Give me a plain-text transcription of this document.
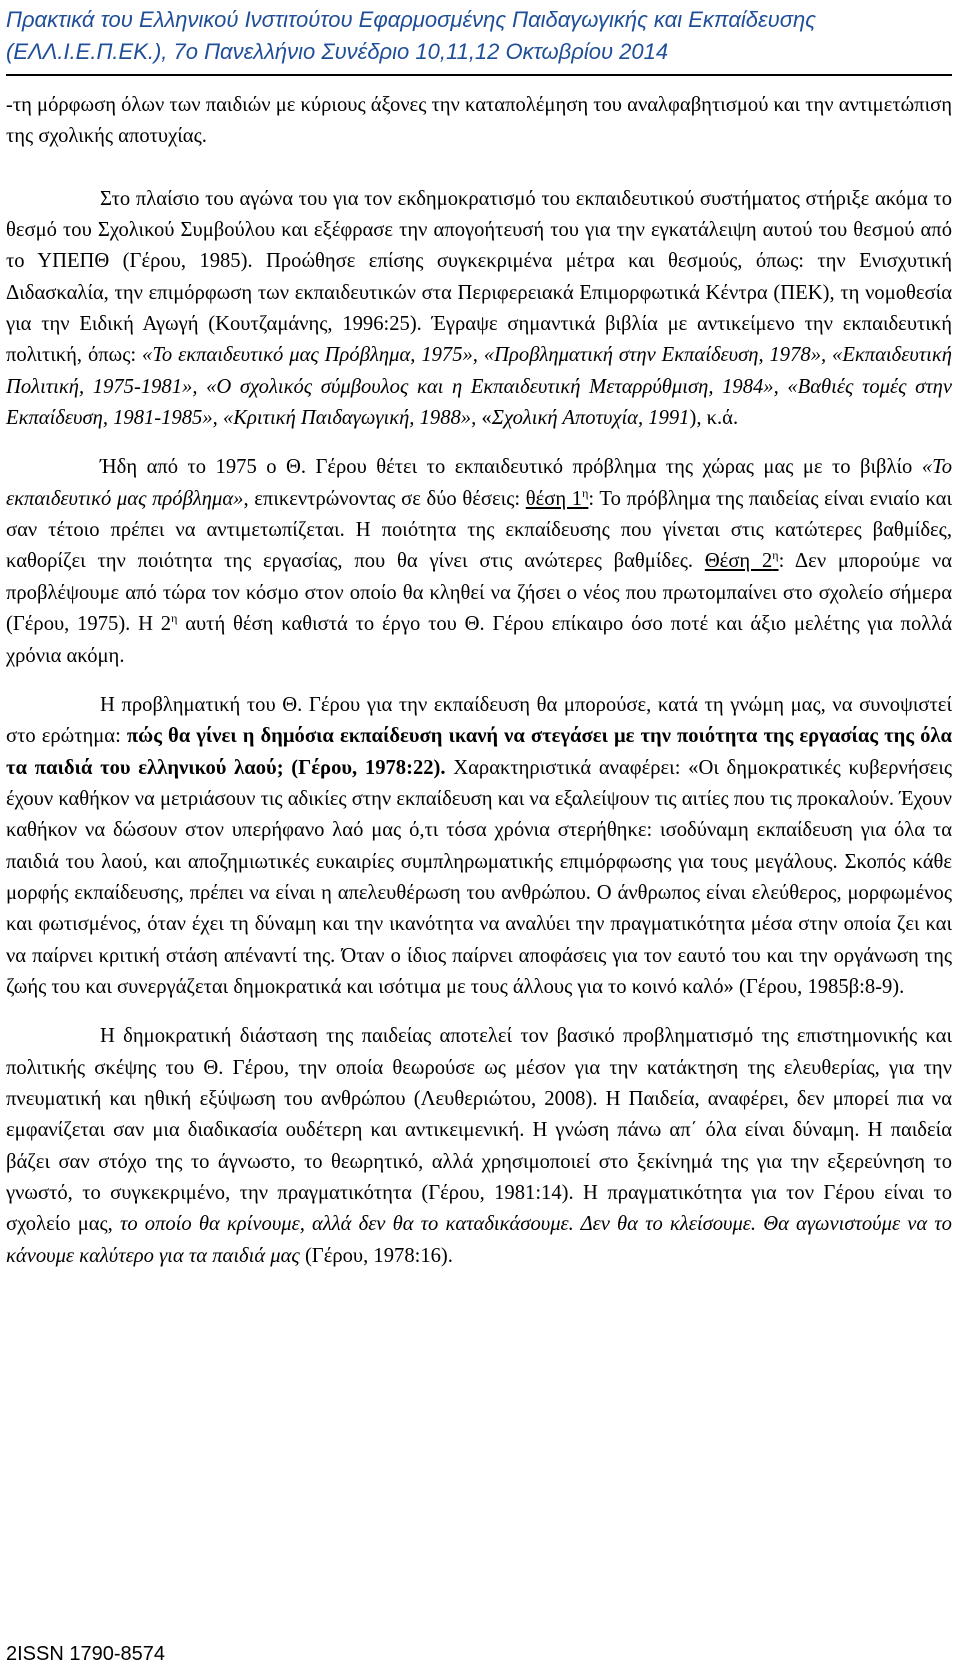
Πρακτικά του Ελληνικού Ινστιτούτου Εφαρμοσμένης Παιδαγωγικής και Εκπαίδευσης
(ΕΛΛ.Ι.Ε.Π.ΕΚ.), 7ο Πανελλήνιο Συνέδριο 10,11,12 Οκτωβρίου 2014

-τη μόρφωση όλων των παιδιών με κύριους άξονες την καταπολέμηση του αναλφαβητισμού και την αντιμετώπιση της σχολικής αποτυχίας.

Στο πλαίσιο του αγώνα του για τον εκδημοκρατισμό του εκπαιδευτικού συστήματος στήριξε ακόμα το θεσμό του Σχολικού Συμβούλου και εξέφρασε την απογοήτευσή του για την εγκατάλειψη αυτού του θεσμού από το ΥΠΕΠΘ (Γέρου, 1985). Προώθησε επίσης συγκεκριμένα μέτρα και θεσμούς, όπως: την Ενισχυτική Διδασκαλία, την επιμόρφωση των εκπαιδευτικών στα Περιφερειακά Επιμορφωτικά Κέντρα (ΠΕΚ), τη νομοθεσία για την Ειδική Αγωγή (Κουτζαμάνης, 1996:25). Έγραψε σημαντικά βιβλία με αντικείμενο την εκπαιδευτική πολιτική, όπως: «Το εκπαιδευτικό μας Πρόβλημα, 1975», «Προβληματική στην Εκπαίδευση, 1978», «Εκπαιδευτική Πολιτική, 1975-1981», «Ο σχολικός σύμβουλος και η Εκπαιδευτική Μεταρρύθμιση, 1984», «Βαθιές τομές στην Εκπαίδευση, 1981-1985», «Κριτική Παιδαγωγική, 1988», «Σχολική Αποτυχία, 1991), κ.ά.

Ήδη από το 1975 ο Θ. Γέρου θέτει το εκπαιδευτικό πρόβλημα της χώρας μας με το βιβλίο «Το εκπαιδευτικό μας πρόβλημα», επικεντρώνοντας σε δύο θέσεις: θέση $1^\eta$: Το πρόβλημα της παιδείας είναι ενιαίο και σαν τέτοιο πρέπει να αντιμετωπίζεται. Η ποιότητα της εκπαίδευσης που γίνεται στις κατώτερες βαθμίδες, καθορίζει την ποιότητα της εργασίας, που θα γίνει στις ανώτερες βαθμίδες. Θέση $2^\eta$: Δεν μπορούμε να προβλέψουμε από τώρα τον κόσμο στον οποίο θα κληθεί να ζήσει ο νέος που πρωτομπαίνει στο σχολείο σήμερα (Γέρου, 1975). Η $2^\eta$ αυτή θέση καθιστά το έργο του Θ. Γέρου επίκαιρο όσο ποτέ και άξιο μελέτης για πολλά χρόνια ακόμη.

Η προβληματική του Θ. Γέρου για την εκπαίδευση θα μπορούσε, κατά τη γνώμη μας, να συνοψιστεί στο ερώτημα: πώς θα γίνει η δημόσια εκπαίδευση ικανή να στεγάσει με την ποιότητα της εργασίας της όλα τα παιδιά του ελληνικού λαού; (Γέρου, 1978:22). Χαρακτηριστικά αναφέρει: «Οι δημοκρατικές κυβερνήσεις έχουν καθήκον να μετριάσουν τις αδικίες στην εκπαίδευση και να εξαλείψουν τις αιτίες που τις προκαλούν. Έχουν καθήκον να δώσουν στον υπερήφανο λαό μας ό,τι τόσα χρόνια στερήθηκε: ισοδύναμη εκπαίδευση για όλα τα παιδιά του λαού, και αποζημιωτικές ευκαιρίες συμπληρωματικής επιμόρφωσης για τους μεγάλους. Σκοπός κάθε μορφής εκπαίδευσης, πρέπει να είναι η απελευθέρωση του ανθρώπου. Ο άνθρωπος είναι ελεύθερος, μορφωμένος και φωτισμένος, όταν έχει τη δύναμη και την ικανότητα να αναλύει την πραγματικότητα μέσα στην οποία ζει και να παίρνει κριτική στάση απέναντί της. Όταν ο ίδιος παίρνει αποφάσεις για τον εαυτό του και την οργάνωση της ζωής του και συνεργάζεται δημοκρατικά και ισότιμα με τους άλλους για το κοινό καλό» (Γέρου, 1985β:8-9).

Η δημοκρατική διάσταση της παιδείας αποτελεί τον βασικό προβληματισμό της επιστημονικής και πολιτικής σκέψης του Θ. Γέρου, την οποία θεωρούσε ως μέσον για την κατάκτηση της ελευθερίας, για την πνευματική και ηθική εξύψωση του ανθρώπου (Λευθεριώτου, 2008). Η Παιδεία, αναφέρει, δεν μπορεί πια να εμφανίζεται σαν μια διαδικασία ουδέτερη και αντικειμενική. Η γνώση πάνω απ΄ όλα είναι δύναμη. Η παιδεία βάζει σαν στόχο της το άγνωστο, το θεωρητικό, αλλά χρησιμοποιεί στο ξεκίνημά της για την εξερεύνηση το γνωστό, το συγκεκριμένο, την πραγματικότητα (Γέρου, 1981:14). Η πραγματικότητα για τον Γέρου είναι το σχολείο μας, το οποίο θα κρίνουμε, αλλά δεν θα το καταδικάσουμε. Δεν θα το κλείσουμε. Θα αγωνιστούμε να το κάνουμε καλύτερο για τα παιδιά μας (Γέρου, 1978:16).

2ISSN 1790-8574
